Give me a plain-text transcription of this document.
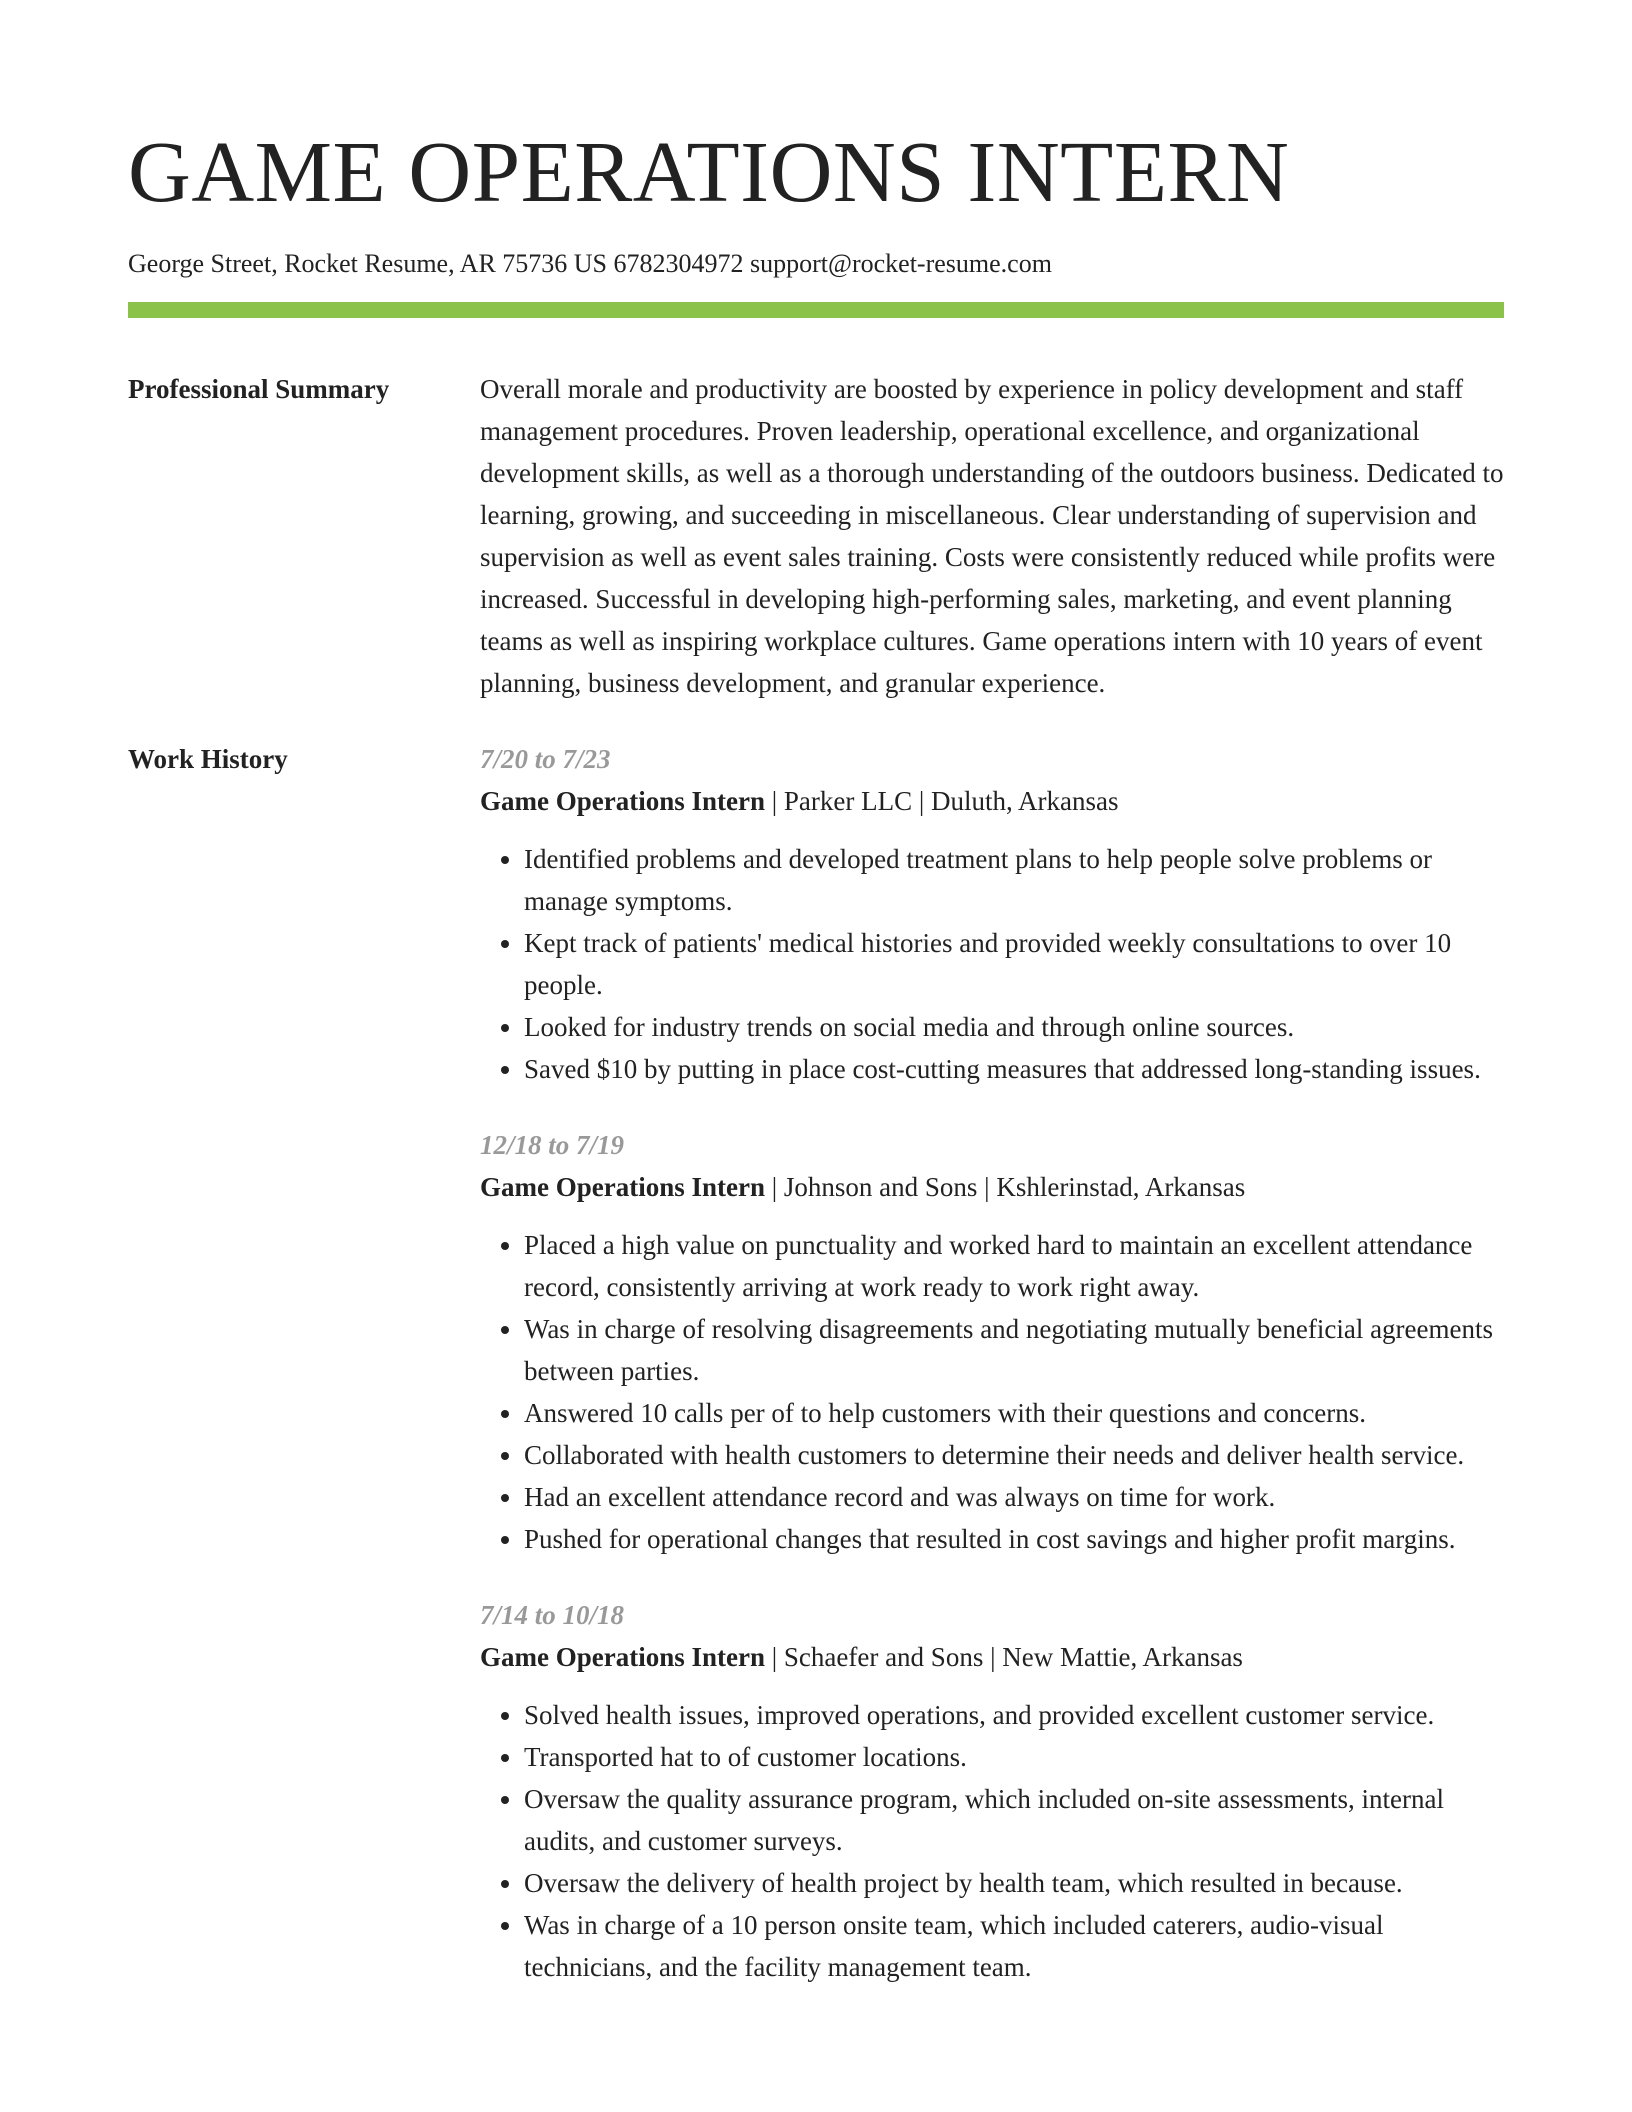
GAME OPERATIONS INTERN
George Street, Rocket Resume, AR 75736 US 6782304972 support@rocket-resume.com
Professional Summary	Overall morale and productivity are boosted by experience in policy development and staff management procedures. Proven leadership, operational excellence, and organizational development skills, as well as a thorough understanding of the outdoors business. Dedicated to learning, growing, and succeeding in miscellaneous. Clear understanding of supervision and supervision as well as event sales training. Costs were consistently reduced while profits were increased. Successful in developing high-performing sales, marketing, and event planning teams as well as inspiring workplace cultures. Game operations intern with 10 years of event planning, business development, and granular experience.

Work History	7/20 to 7/23
Game Operations Intern | Parker LLC | Duluth, Arkansas
• Identified problems and developed treatment plans to help people solve problems or manage symptoms.
• Kept track of patients' medical histories and provided weekly consultations to over 10 people.
• Looked for industry trends on social media and through online sources.
• Saved $10 by putting in place cost-cutting measures that addressed long-standing issues.
12/18 to 7/19
Game Operations Intern | Johnson and Sons | Kshlerinstad, Arkansas
• Placed a high value on punctuality and worked hard to maintain an excellent attendance record, consistently arriving at work ready to work right away.
• Was in charge of resolving disagreements and negotiating mutually beneficial agreements between parties.
• Answered 10 calls per of to help customers with their questions and concerns.
• Collaborated with health customers to determine their needs and deliver health service.
• Had an excellent attendance record and was always on time for work.
• Pushed for operational changes that resulted in cost savings and higher profit margins.
7/14 to 10/18
Game Operations Intern | Schaefer and Sons | New Mattie, Arkansas
• Solved health issues, improved operations, and provided excellent customer service.
• Transported hat to of customer locations.
• Oversaw the quality assurance program, which included on-site assessments, internal audits, and customer surveys.
• Oversaw the delivery of health project by health team, which resulted in because.
• Was in charge of a 10 person onsite team, which included caterers, audio-visual technicians, and the facility management team.
